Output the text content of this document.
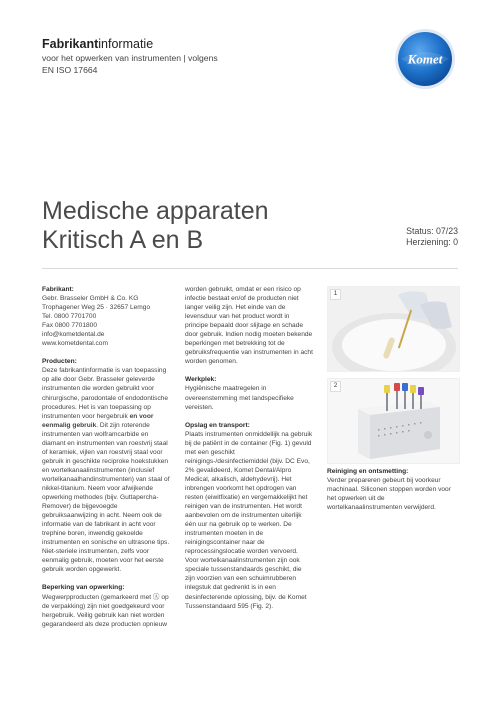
Fabrikantinformatie
voor het opwerken van instrumenten | volgens
EN ISO 17664
Komet
Medische apparaten
Kritisch A en B	Status: 07/23
Herziening: 0

Fabrikant:

Gebr. Brasseler GmbH & Co. KG

Trophagener Weg 25 · 32657 Lemgo

Tel. 0800 7701700

Fax 0800 7701800

info@kometdental.de

www.kometdental.com

Producten:

Deze fabrikantinformatie is van toepassing op alle door Gebr. Brasseler geleverde instrumenten die worden gebruikt voor chirurgische, parodontale of endodontische procedures. Het is van toepassing op instrumenten voor hergebruik en voor eenmalig gebruik. Dit zijn roterende instrumenten van wolframcarbide en diamant en instrumenten van roestvrij staal of keramiek, vijlen van roestvrij staal voor gebruik in geschikte reciproke hoekstukken en wortelkanaalinstrumenten (inclusief wortelkanaalhandinstrumenten) van staal of nikkel-titanium. Neem voor afwijkende opwerking methodes (bijv. Guttapercha-Remover) de bijgevoegde gebruiksaanwijzing in acht. Neem ook de informatie van de fabrikant in acht voor trephine boren, inwendig gekoelde instrumenten en sonische en ultrasone tips. Niet-steriele instrumenten, zelfs voor eenmalig gebruik, moeten voor het eerste gebruik worden opgewerkt.

Beperking van opwerking:

Wegwerpproducten (gemarkeerd met Ⓐ op de verpakking) zijn niet goedgekeurd voor hergebruik. Veilig gebruik kan niet worden gegarandeerd als deze producten opnieuw

worden gebruikt, omdat er een risico op infectie bestaat en/of de producten niet langer veilig zijn. Het einde van de levensduur van het product wordt in principe bepaald door slijtage en schade door gebruik. Indien nodig moeten bekende beperkingen met betrekking tot de gebruiksfrequentie van instrumenten in acht worden genomen.

Werkplek:

Hygiënische maatregelen in overeenstemming met landspecifieke vereisten.

Opslag en transport:

Plaats instrumenten onmiddellijk na gebruik bij de patiënt in de container (Fig. 1) gevuld met een geschikt reinigings-/desinfectiemiddel (bijv. DC Evo, 2% gevalideerd, Komet Dental/Alpro Medical, alkalisch, aldehydevrij). Het inbrengen voorkomt het opdrogen van resten (eiwitfixatie) en vergemakkelijkt het reinigen van de instrumenten. Het wordt aanbevolen om de instrumenten uiterlijk één uur na gebruik op te werken. De instrumenten moeten in de reinigingscontainer naar de reprocessingslocatie worden vervoerd. Voor wortelkanaalinstrumenten zijn ook speciale tussenstandaards geschikt, die zijn voorzien van een schuimrubberen inlegstuk dat gedrenkt is in een desinfecterende oplossing, bijv. de Komet Tussenstandaard 595 (Fig. 2).

1
2

Reiniging en ontsmetting:

Verder prepareren gebeurt bij voorkeur machinaal. Siliconen stoppen worden voor het opwerken uit de wortelkanaalinstrumenten verwijderd.
